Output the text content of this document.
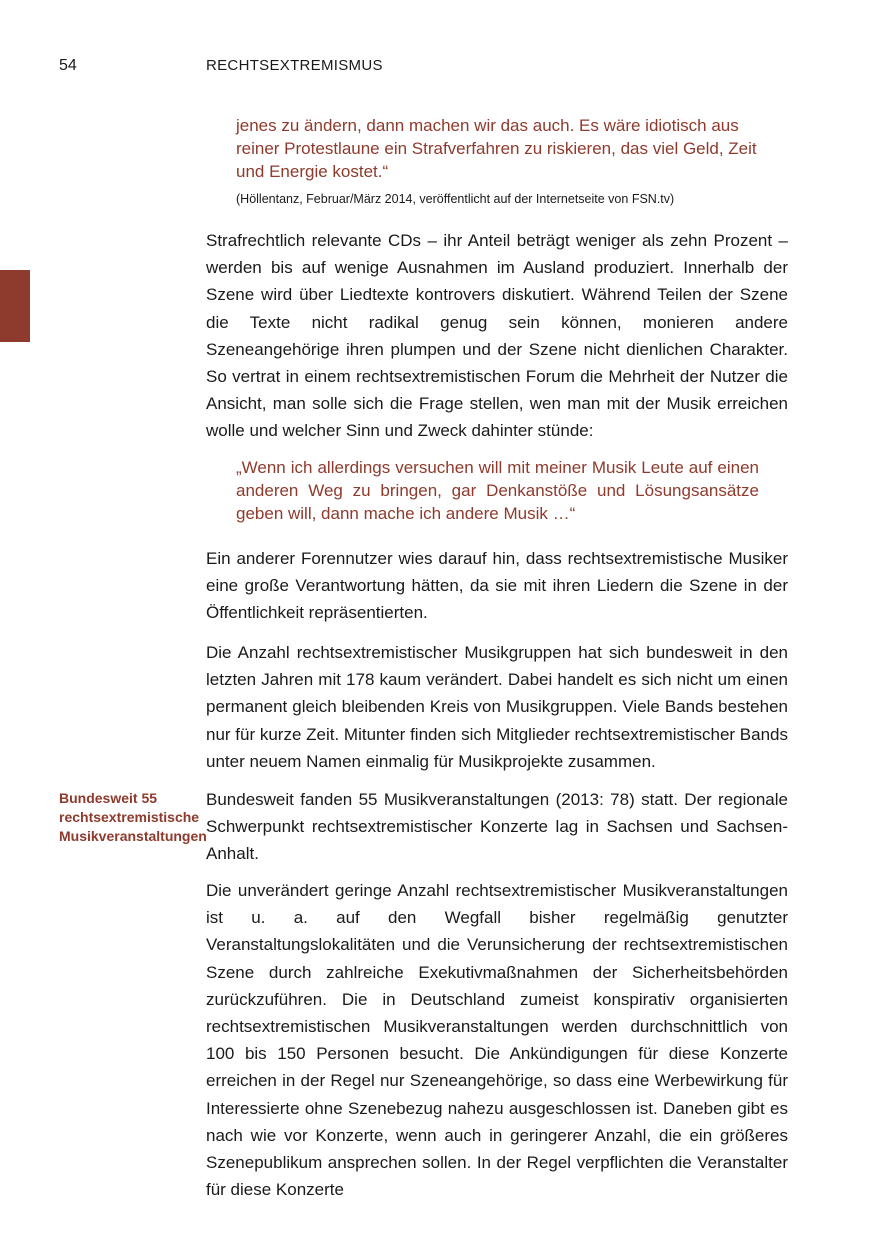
54	RECHTSEXTREMISMUS
jenes zu ändern, dann machen wir das auch. Es wäre idiotisch aus reiner Protestlaune ein Strafverfahren zu riskieren, das viel Geld, Zeit und Energie kostet.“
(Höllentanz, Februar/März 2014, veröffentlicht auf der Internetseite von FSN.tv)

Strafrechtlich relevante CDs – ihr Anteil beträgt weniger als zehn Prozent – werden bis auf wenige Ausnahmen im Ausland produziert. Innerhalb der Szene wird über Liedtexte kontrovers diskutiert. Während Teilen der Szene die Texte nicht radikal genug sein können, monieren andere Szeneangehörige ihren plumpen und der Szene nicht dienlichen Charakter. So vertrat in einem rechtsextremistischen Forum die Mehrheit der Nutzer die Ansicht, man solle sich die Frage stellen, wen man mit der Musik erreichen wolle und welcher Sinn und Zweck dahinter stünde:

„Wenn ich allerdings versuchen will mit meiner Musik Leute auf einen anderen Weg zu bringen, gar Denkanstöße und Lösungsansätze geben will, dann mache ich andere Musik …“

Ein anderer Forennutzer wies darauf hin, dass rechtsextremistische Musiker eine große Verantwortung hätten, da sie mit ihren Liedern die Szene in der Öffentlichkeit repräsentierten.

Die Anzahl rechtsextremistischer Musikgruppen hat sich bundesweit in den letzten Jahren mit 178 kaum verändert. Dabei handelt es sich nicht um einen permanent gleich bleibenden Kreis von Musikgruppen. Viele Bands bestehen nur für kurze Zeit. Mitunter finden sich Mitglieder rechtsextremistischer Bands unter neuem Namen einmalig für Musikprojekte zusammen.

Bundesweit 55 rechtsextremistische Musikveranstaltungen

Bundesweit fanden 55 Musikveranstaltungen (2013: 78) statt. Der regionale Schwerpunkt rechtsextremistischer Konzerte lag in Sachsen und Sachsen-Anhalt.

Die unverändert geringe Anzahl rechtsextremistischer Musikveranstaltungen ist u. a. auf den Wegfall bisher regelmäßig genutzter Veranstaltungslokalitäten und die Verunsicherung der rechtsextremistischen Szene durch zahlreiche Exekutivmaßnahmen der Sicherheitsbehörden zurückzuführen. Die in Deutschland zumeist konspirativ organisierten rechtsextremistischen Musikveranstaltungen werden durchschnittlich von 100 bis 150 Personen besucht. Die Ankündigungen für diese Konzerte erreichen in der Regel nur Szeneangehörige, so dass eine Werbewirkung für Interessierte ohne Szenebezug nahezu ausgeschlossen ist. Daneben gibt es nach wie vor Konzerte, wenn auch in geringerer Anzahl, die ein größeres Szenepublikum ansprechen sollen. In der Regel verpflichten die Veranstalter für diese Konzerte
